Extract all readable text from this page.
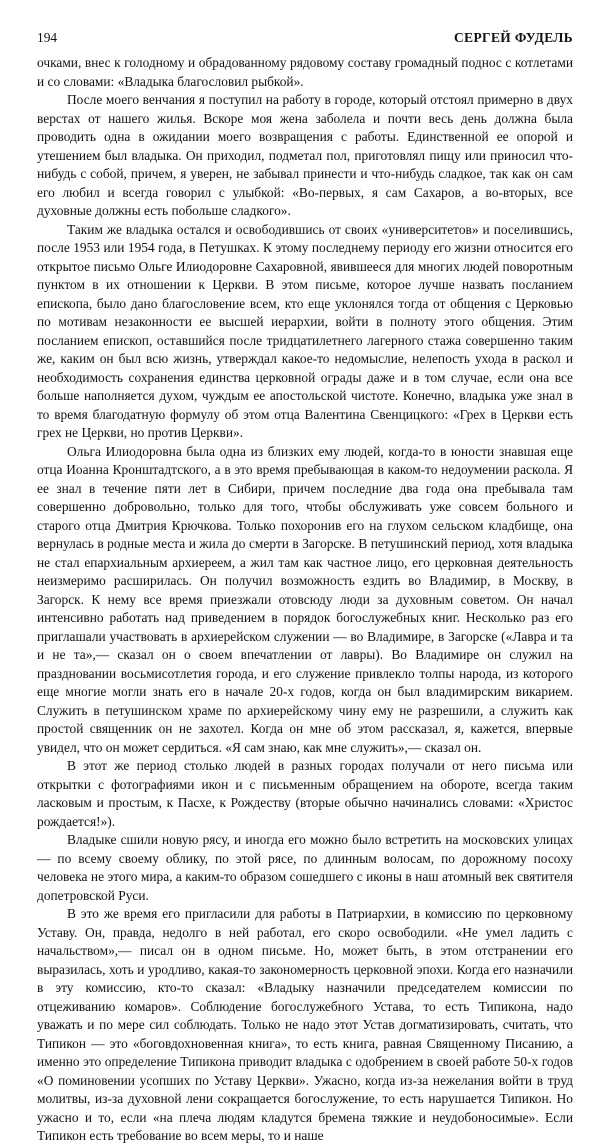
194	СЕРГЕЙ ФУДЕЛЬ

очками, внес к голодному и обрадованному рядовому составу громадный поднос с котлетами и со словами: «Владыка благословил рыбкой».

После моего венчания я поступил на работу в городе, который отстоял примерно в двух верстах от нашего жилья. Вскоре моя жена заболела и почти весь день должна была проводить одна в ожидании моего возвращения с работы. Единственной ее опорой и утешением был владыка. Он приходил, подметал пол, приготовлял пищу или приносил что-нибудь с собой, причем, я уверен, не забывал принести и что-нибудь сладкое, так как он сам его любил и всегда говорил с улыбкой: «Во-первых, я сам Сахаров, а во-вторых, все духовные должны есть побольше сладкого».

Таким же владыка остался и освободившись от своих «университетов» и поселившись, после 1953 или 1954 года, в Петушках. К этому последнему периоду его жизни относится его открытое письмо Ольге Илиодоровне Сахаровной, явившееся для многих людей поворотным пунктом в их отношении к Церкви. В этом письме, которое лучше назвать посланием епископа, было дано благословение всем, кто еще уклонялся тогда от общения с Церковью по мотивам незаконности ее высшей иерархии, войти в полноту этого общения. Этим посланием епископ, оставшийся после тридцатилетнего лагерного стажа совершенно таким же, каким он был всю жизнь, утверждал какое-то недомыслие, нелепость ухода в раскол и необходимость сохранения единства церковной ограды даже и в том случае, если она все больше наполняется духом, чуждым ее апостольской чистоте. Конечно, владыка уже знал в то время благодатную формулу об этом отца Валентина Свенцицкого: «Грех в Церкви есть грех не Церкви, но против Церкви».

Ольга Илиодоровна была одна из близких ему людей, когда-то в юности знавшая еще отца Иоанна Кронштадтского, а в это время пребывающая в каком-то недоумении раскола. Я ее знал в течение пяти лет в Сибири, причем последние два года она пребывала там совершенно добровольно, только для того, чтобы обслуживать уже совсем больного и старого отца Дмитрия Крючкова. Только похоронив его на глухом сельском кладбище, она вернулась в родные места и жила до смерти в Загорске. В петушинский период, хотя владыка не стал епархиальным архиереем, а жил там как частное лицо, его церковная деятельность неизмеримо расширилась. Он получил возможность ездить во Владимир, в Москву, в Загорск. К нему все время приезжали отовсюду люди за духовным советом. Он начал интенсивно работать над приведением в порядок богослужебных книг. Несколько раз его приглашали участвовать в архиерейском служении — во Владимире, в Загорске («Лавра и та и не та»,— сказал он о своем впечатлении от лавры). Во Владимире он служил на праздновании восьмисотлетия города, и его служение привлекло толпы народа, из которого еще многие могли знать его в начале 20-х годов, когда он был владимирским викарием. Служить в петушинском храме по архиерейскому чину ему не разрешили, а служить как простой священник он не захотел. Когда он мне об этом рассказал, я, кажется, впервые увидел, что он может сердиться. «Я сам знаю, как мне служить»,— сказал он.

В этот же период столько людей в разных городах получали от него письма или открытки с фотографиями икон и с письменным обращением на обороте, всегда таким ласковым и простым, к Пасхе, к Рождеству (вторые обычно начинались словами: «Христос рождается!»).

Владыке сшили новую рясу, и иногда его можно было встретить на московских улицах — по всему своему облику, по этой рясе, по длинным волосам, по дорожному посоху человека не этого мира, а каким-то образом сошедшего с иконы в наш атомный век святителя допетровской Руси.

В это же время его пригласили для работы в Патриархии, в комиссию по церковному Уставу. Он, правда, недолго в ней работал, его скоро освободили. «Не умел ладить с начальством»,— писал он в одном письме. Но, может быть, в этом отстранении его выразилась, хоть и уродливо, какая-то закономерность церковной эпохи. Когда его назначили в эту комиссию, кто-то сказал: «Владыку назначили председателем комиссии по отцеживанию комаров». Соблюдение богослужебного Устава, то есть Типикона, надо уважать и по мере сил соблюдать. Только не надо этот Устав догматизировать, считать, что Типикон — это «боговдохновенная книга», то есть книга, равная Священному Писанию, а именно это определение Типикона приводит владыка с одобрением в своей работе 50-х годов «О поминовении усопших по Уставу Церкви». Ужасно, когда из-за нежелания войти в труд молитвы, из-за духовной лени сокращается богослужение, то есть нарушается Типикон. Но ужасно и то, если «на плеча людям кладутся бремена тяжкие и неудобоносимые». Если Типикон есть требование во всем меры, то и наше
